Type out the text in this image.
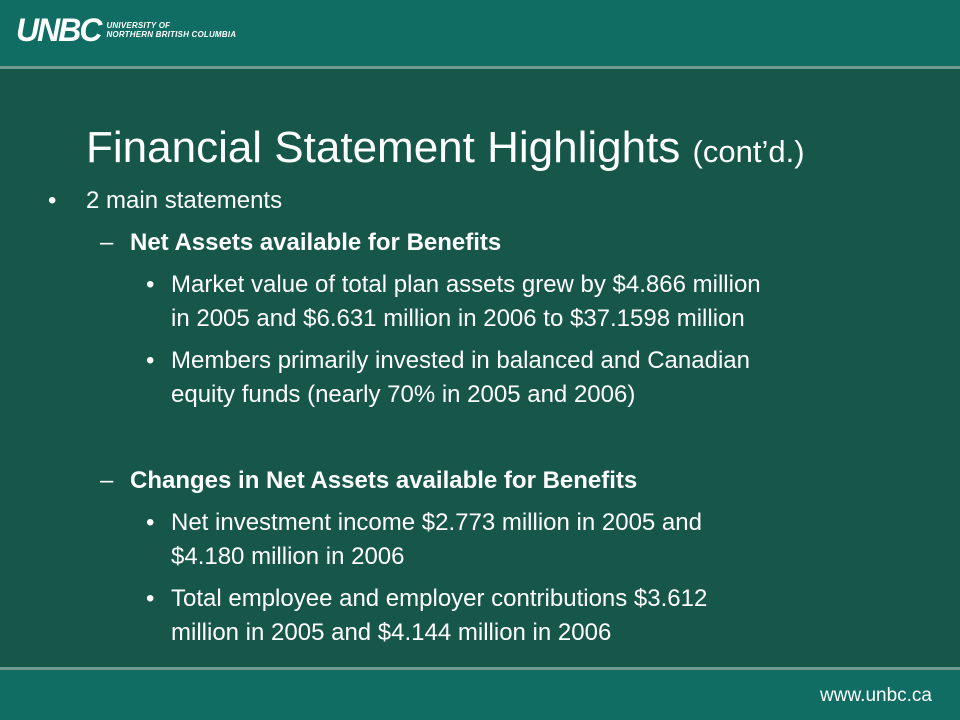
UNBC UNIVERSITY OF
NORTHERN BRITISH COLUMBIA
Financial Statement Highlights (cont’d.)
• 2 main statements
– Net Assets available for Benefits
• Market value of total plan assets grew by $4.866 million
in 2005 and $6.631 million in 2006 to $37.1598 million
• Members primarily invested in balanced and Canadian
equity funds (nearly 70% in 2005 and 2006)
– Changes in Net Assets available for Benefits
• Net investment income $2.773 million in 2005 and
$4.180 million in 2006
• Total employee and employer contributions $3.612
million in 2005 and $4.144 million in 2006
www.unbc.ca
